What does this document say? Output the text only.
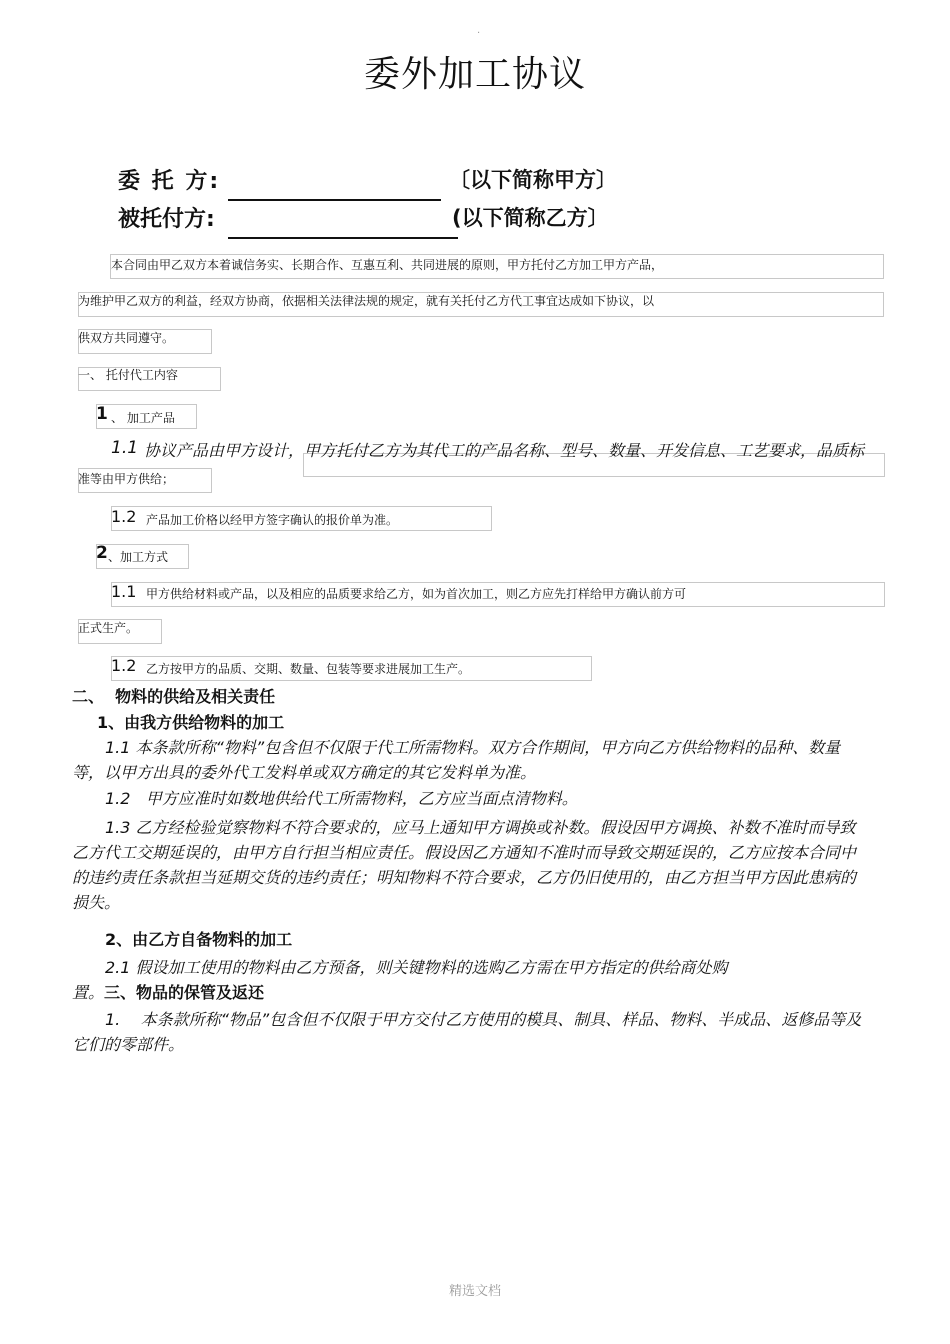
·
委外加工协议
委 托 方:	〔以下简称甲方〕
被托付方:	(以下简称乙方〕
本合同由甲乙双方本着诚信务实、长期合作、互惠互利、共同进展的原则，甲方托付乙方加工甲方产品，
为维护甲乙双方的利益，经双方协商，依据相关法律法规的规定，就有关托付乙方代工事宜达成如下协议，以
供双方共同遵守。
一、 托付代工内容
1 、 加工产品
1.1 协议产品由甲方设计，甲方托付乙方为其代工的产品名称、型号、数量、开发信息、工艺要求，品质标
准等由甲方供给；
1.2 产品加工价格以经甲方签字确认的报价单为准。
2 、加工方式
1.1 甲方供给材料或产品，以及相应的品质要求给乙方，如为首次加工，则乙方应先打样给甲方确认前方可
正式生产。
1.2 乙方按甲方的品质、交期、数量、包装等要求进展加工生产。
二、  物料的供给及相关责任
1、由我方供给物料的加工
1.1 本条款所称“物料”包含但不仅限于代工所需物料。双方合作期间，甲方向乙方供给物料的品种、数量
等，以甲方出具的委外代工发料单或双方确定的其它发料单为准。
1.2   甲方应准时如数地供给代工所需物料，乙方应当面点清物料。
1.3 乙方经检验觉察物料不符合要求的，应马上通知甲方调换或补数。假设因甲方调换、补数不准时而导致
乙方代工交期延误的，由甲方自行担当相应责任。假设因乙方通知不准时而导致交期延误的，乙方应按本合同中
的违约责任条款担当延期交货的违约责任；明知物料不符合要求，乙方仍旧使用的，由乙方担当甲方因此患病的
损失。
2、由乙方自备物料的加工
2.1 假设加工使用的物料由乙方预备，则关键物料的选购乙方需在甲方指定的供给商处购
置。三、物品的保管及返还
1.    本条款所称“物品”包含但不仅限于甲方交付乙方使用的模具、制具、样品、物料、半成品、返修品等及
它们的零部件。
精选文档
